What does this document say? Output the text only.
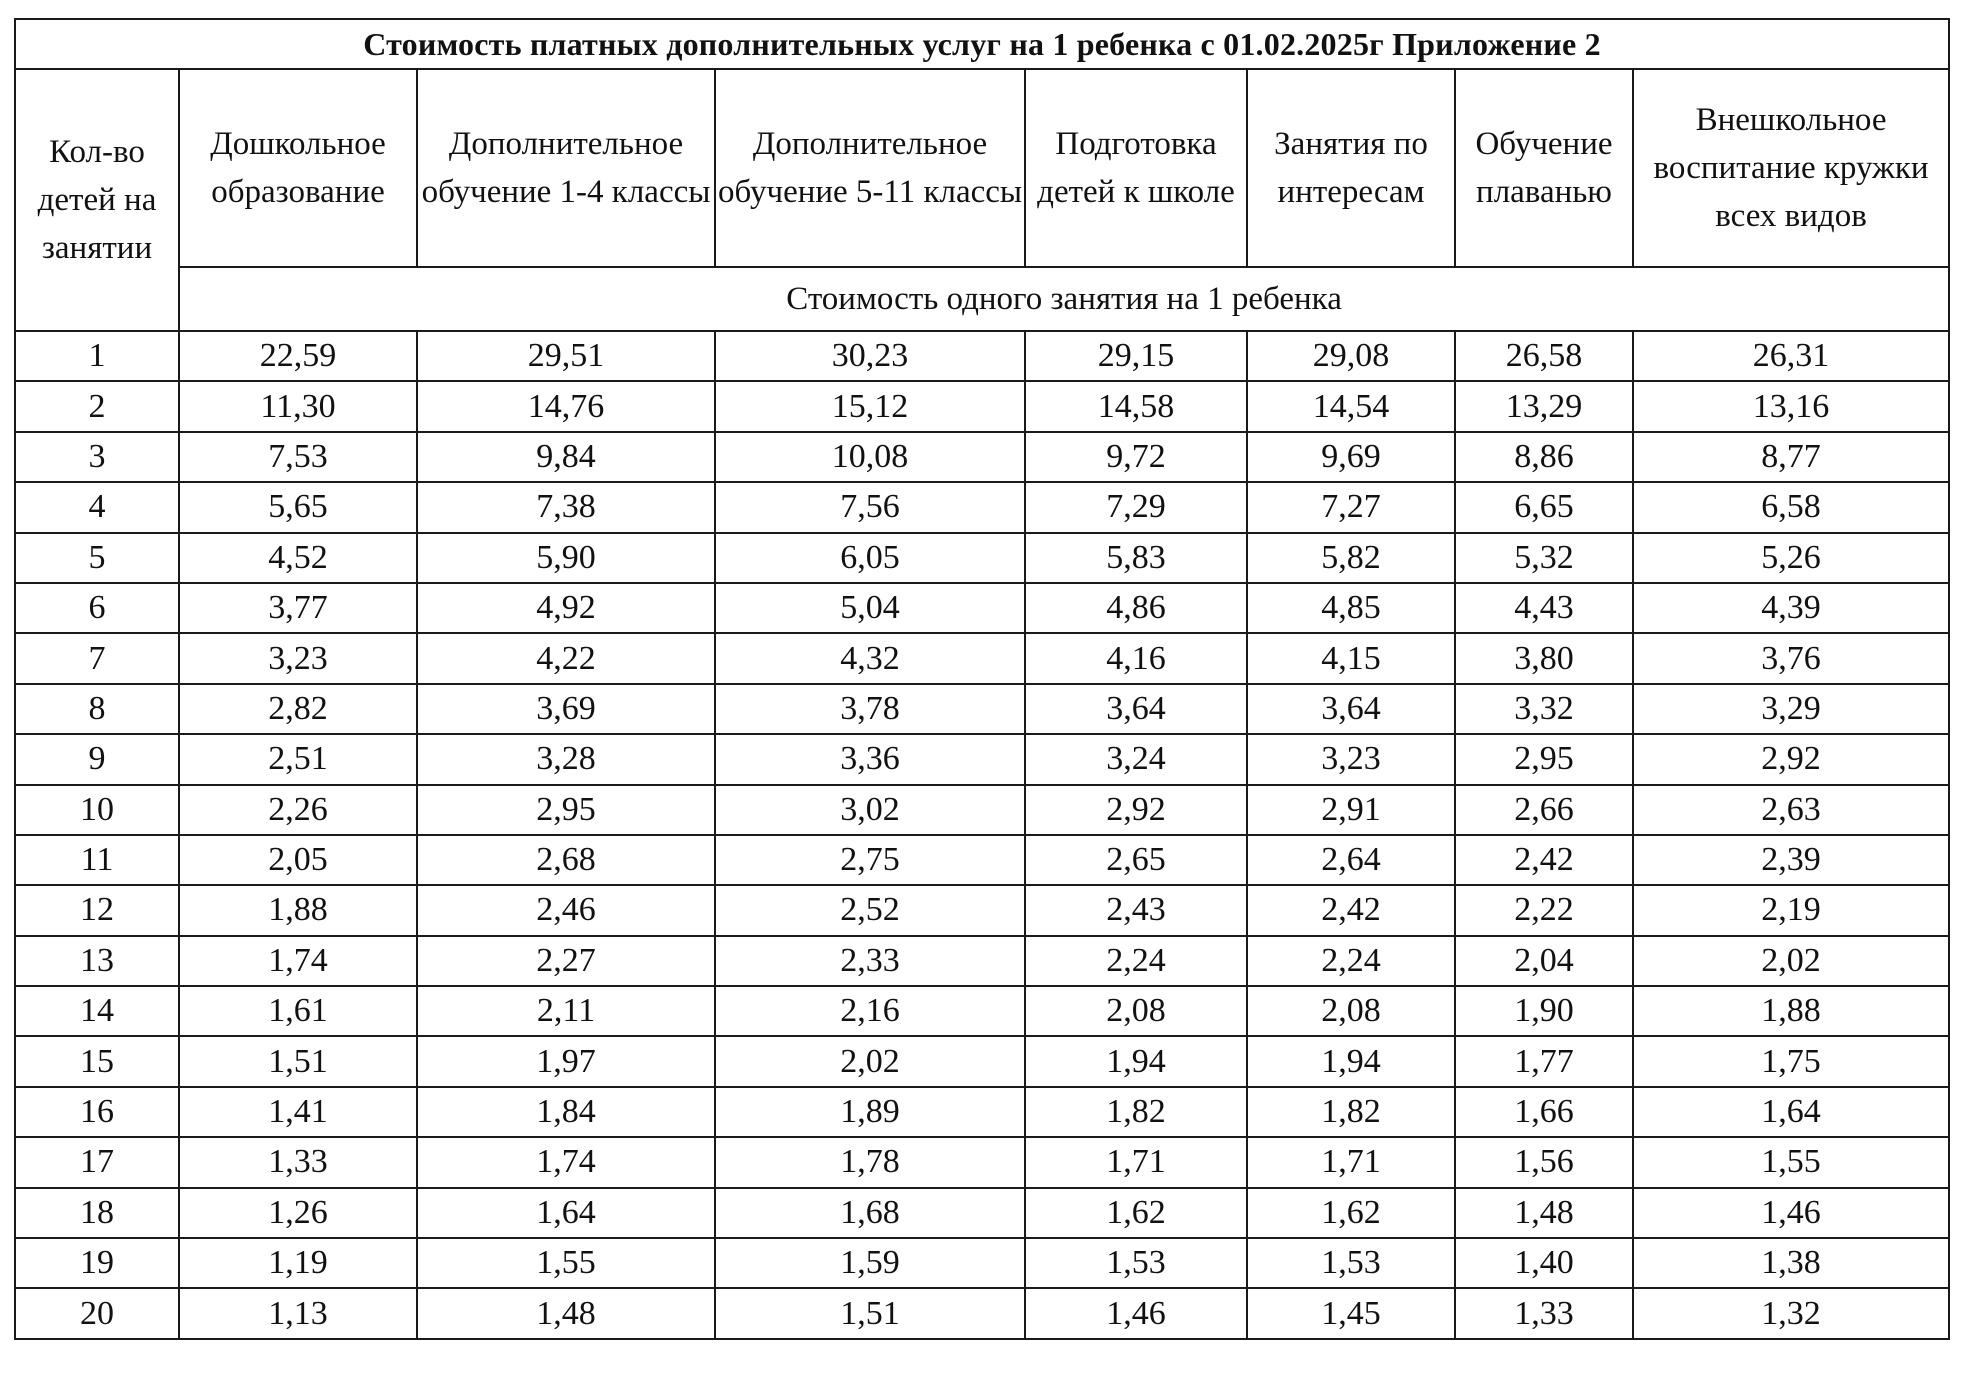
Стоимость платных дополнительных услуг на 1 ребенка с 01.02.2025г Приложение 2							
Кол-во детей на занятии	Дошкольное образование	Дополнительное обучение 1-4 классы	Дополнительное обучение 5-11 классы	Подготовка детей к школе	Занятия по интересам	Обучение плаванью	Внешкольное воспитание кружки всех видов
	Стоимость одного занятия на 1 ребенка						
1	22,59	29,51	30,23	29,15	29,08	26,58	26,31
2	11,30	14,76	15,12	14,58	14,54	13,29	13,16
3	7,53	9,84	10,08	9,72	9,69	8,86	8,77
4	5,65	7,38	7,56	7,29	7,27	6,65	6,58
5	4,52	5,90	6,05	5,83	5,82	5,32	5,26
6	3,77	4,92	5,04	4,86	4,85	4,43	4,39
7	3,23	4,22	4,32	4,16	4,15	3,80	3,76
8	2,82	3,69	3,78	3,64	3,64	3,32	3,29
9	2,51	3,28	3,36	3,24	3,23	2,95	2,92
10	2,26	2,95	3,02	2,92	2,91	2,66	2,63
11	2,05	2,68	2,75	2,65	2,64	2,42	2,39
12	1,88	2,46	2,52	2,43	2,42	2,22	2,19
13	1,74	2,27	2,33	2,24	2,24	2,04	2,02
14	1,61	2,11	2,16	2,08	2,08	1,90	1,88
15	1,51	1,97	2,02	1,94	1,94	1,77	1,75
16	1,41	1,84	1,89	1,82	1,82	1,66	1,64
17	1,33	1,74	1,78	1,71	1,71	1,56	1,55
18	1,26	1,64	1,68	1,62	1,62	1,48	1,46
19	1,19	1,55	1,59	1,53	1,53	1,40	1,38
20	1,13	1,48	1,51	1,46	1,45	1,33	1,32
